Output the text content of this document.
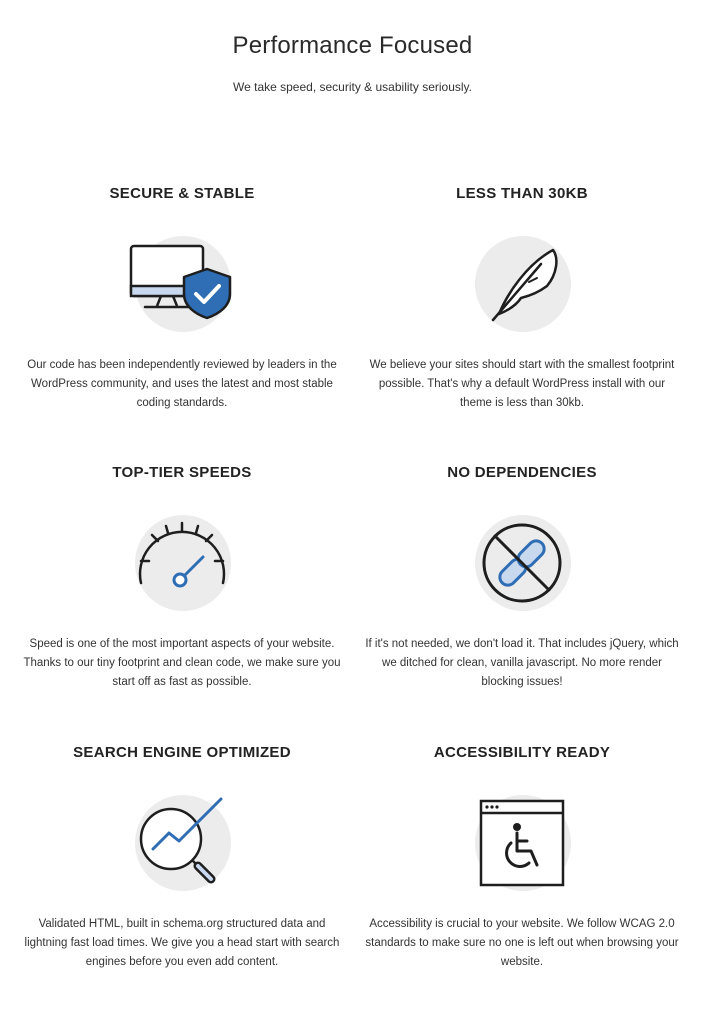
Performance Focused

We take speed, security & usability seriously.

SECURE & STABLE

Our code has been independently reviewed by leaders in the WordPress community, and uses the latest and most stable coding standards.

LESS THAN 30KB

We believe your sites should start with the smallest footprint possible. That's why a default WordPress install with our theme is less than 30kb.

TOP-TIER SPEEDS

Speed is one of the most important aspects of your website. Thanks to our tiny footprint and clean code, we make sure you start off as fast as possible.

NO DEPENDENCIES

If it's not needed, we don't load it. That includes jQuery, which we ditched for clean, vanilla javascript. No more render blocking issues!

SEARCH ENGINE OPTIMIZED

Validated HTML, built in schema.org structured data and lightning fast load times. We give you a head start with search engines before you even add content.

ACCESSIBILITY READY

Accessibility is crucial to your website. We follow WCAG 2.0 standards to make sure no one is left out when browsing your website.
